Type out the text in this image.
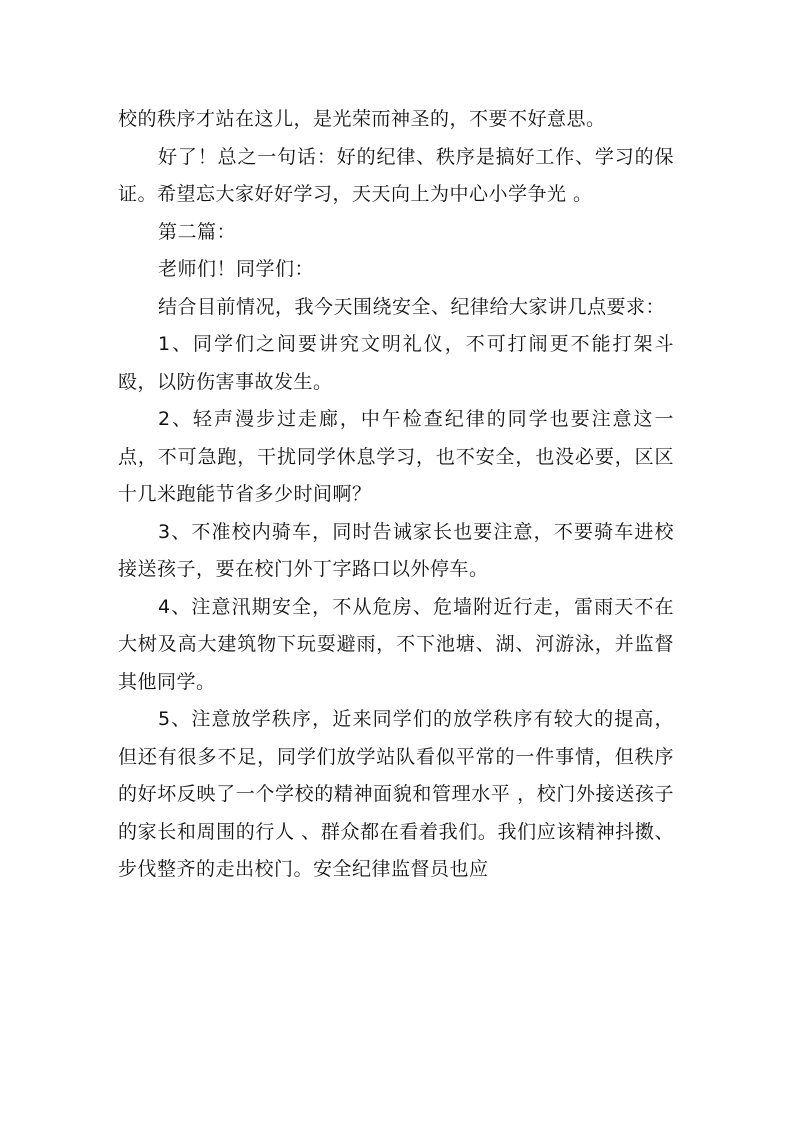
校的秩序才站在这儿，是光荣而神圣的，不要不好意思。

好了！总之一句话：好的纪律、秩序是搞好工作、学习的保证。希望忘大家好好学习，天天向上为中心小学争光 。

第二篇：

老师们！同学们：

结合目前情况，我今天围绕安全、纪律给大家讲几点要求：

1、同学们之间要讲究文明礼仪，不可打闹更不能打架斗殴，以防伤害事故发生。

2、轻声漫步过走廊，中午检查纪律的同学也要注意这一点，不可急跑，干扰同学休息学习，也不安全，也没必要，区区十几米跑能节省多少时间啊？

3、不准校内骑车，同时告诫家长也要注意，不要骑车进校接送孩子，要在校门外丁字路口以外停车。

4、注意汛期安全，不从危房、危墙附近行走，雷雨天不在大树及高大建筑物下玩耍避雨，不下池塘、湖、河游泳，并监督其他同学。

5、注意放学秩序，近来同学们的放学秩序有较大的提高，但还有很多不足，同学们放学站队看似平常的一件事情，但秩序的好坏反映了一个学校的精神面貌和管理水平 ，校门外接送孩子的家长和周围的行人 、群众都在看着我们。我们应该精神抖擞、步伐整齐的走出校门。安全纪律监督员也应
